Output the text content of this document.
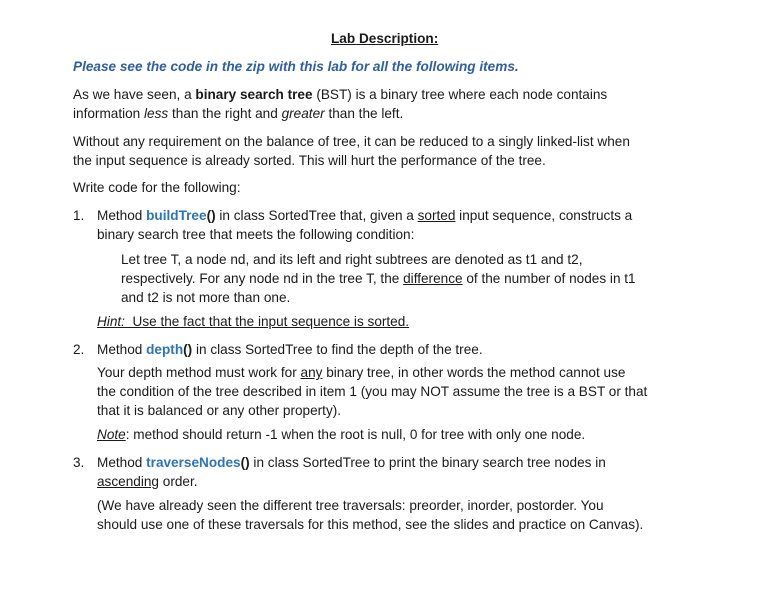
Lab Description:
Please see the code in the zip with this lab for all the following items.
As we have seen, a binary search tree (BST) is a binary tree where each node contains
information less than the right and greater than the left.
Without any requirement on the balance of tree, it can be reduced to a singly linked-list when
the input sequence is already sorted. This will hurt the performance of the tree.
Write code for the following:
1. Method buildTree() in class SortedTree that, given a sorted input sequence, constructs a
binary search tree that meets the following condition:
Let tree T, a node nd, and its left and right subtrees are denoted as t1 and t2,
respectively. For any node nd in the tree T, the difference of the number of nodes in t1
and t2 is not more than one.
Hint:  Use the fact that the input sequence is sorted.
2. Method depth() in class SortedTree to find the depth of the tree.
Your depth method must work for any binary tree, in other words the method cannot use
the condition of the tree described in item 1 (you may NOT assume the tree is a BST or that
that it is balanced or any other property).
Note: method should return -1 when the root is null, 0 for tree with only one node.
3. Method traverseNodes() in class SortedTree to print the binary search tree nodes in
ascending order.
(We have already seen the different tree traversals: preorder, inorder, postorder. You
should use one of these traversals for this method, see the slides and practice on Canvas).
